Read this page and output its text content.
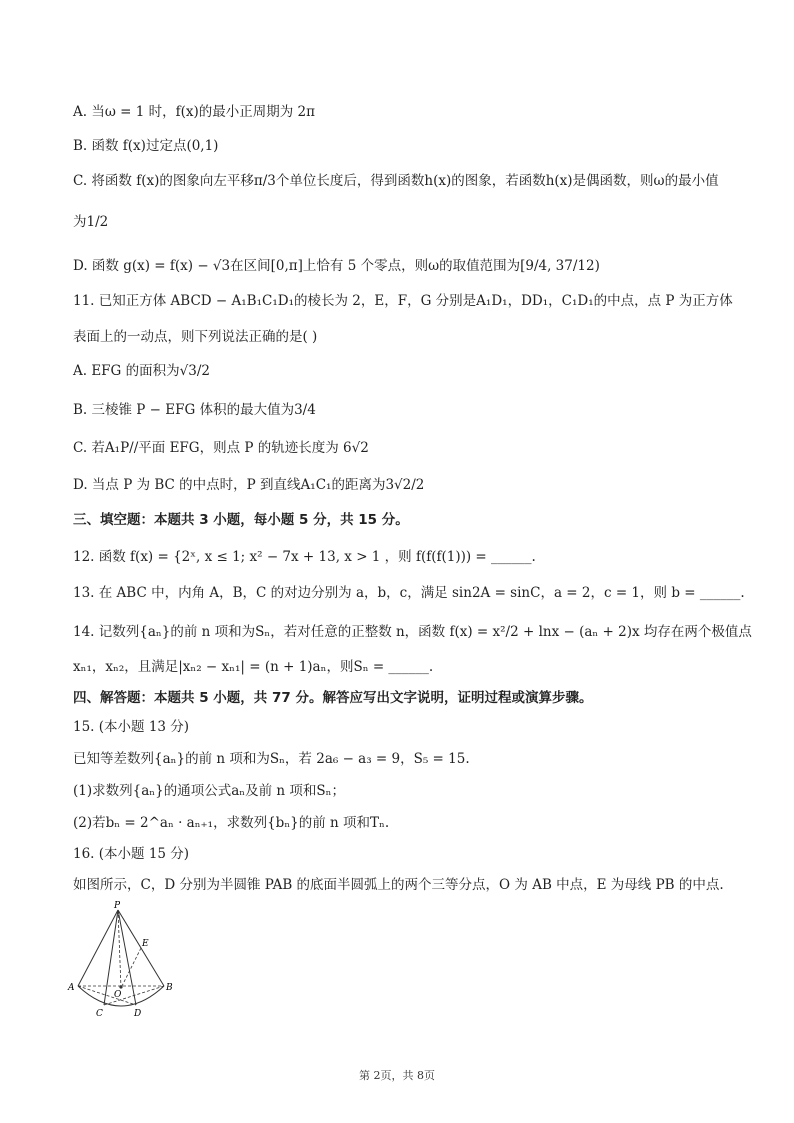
A. 当ω = 1 时，f(x)的最小正周期为 2π
B. 函数 f(x)过定点(0,1)
C. 将函数 f(x)的图象向左平移π/3个单位长度后，得到函数h(x)的图象，若函数h(x)是偶函数，则ω的最小值
为1/2
D. 函数 g(x) = f(x) − √3在区间[0,π]上恰有 5 个零点，则ω的取值范围为[9/4, 37/12)
11. 已知正方体 ABCD − A₁B₁C₁D₁的棱长为 2，E，F，G 分别是A₁D₁，DD₁，C₁D₁的中点，点 P 为正方体
表面上的一动点，则下列说法正确的是( )
A. EFG 的面积为√3/2
B. 三棱锥 P − EFG 体积的最大值为3/4
C. 若A₁P//平面 EFG，则点 P 的轨迹长度为 6√2
D. 当点 P 为 BC 的中点时，P 到直线A₁C₁的距离为3√2/2
三、填空题：本题共 3 小题，每小题 5 分，共 15 分。
12. 函数 f(x) = {2ˣ, x ≤ 1; x² − 7x + 13, x > 1 ，则 f(f(f(1))) = ______.
13. 在 ABC 中，内角 A，B，C 的对边分别为 a，b，c，满足 sin2A = sinC，a = 2，c = 1，则 b = ______.
14. 记数列{aₙ}的前 n 项和为Sₙ，若对任意的正整数 n，函数 f(x) = x²/2 + lnx − (aₙ + 2)x 均存在两个极值点
xₙ₁，xₙ₂，且满足|xₙ₂ − xₙ₁| = (n + 1)aₙ，则Sₙ = ______.
四、解答题：本题共 5 小题，共 77 分。解答应写出文字说明，证明过程或演算步骤。
15. (本小题 13 分)
已知等差数列{aₙ}的前 n 项和为Sₙ，若 2a₆ − a₃ = 9，S₅ = 15.
(1)求数列{aₙ}的通项公式aₙ及前 n 项和Sₙ；
(2)若bₙ = 2^aₙ · aₙ₊₁，求数列{bₙ}的前 n 项和Tₙ.
16. (本小题 15 分)
如图所示，C，D 分别为半圆锥 PAB 的底面半圆弧上的两个三等分点，O 为 AB 中点，E 为母线 PB 的中点.
P
E
A	B
O
C	D
第 2页，共 8页
